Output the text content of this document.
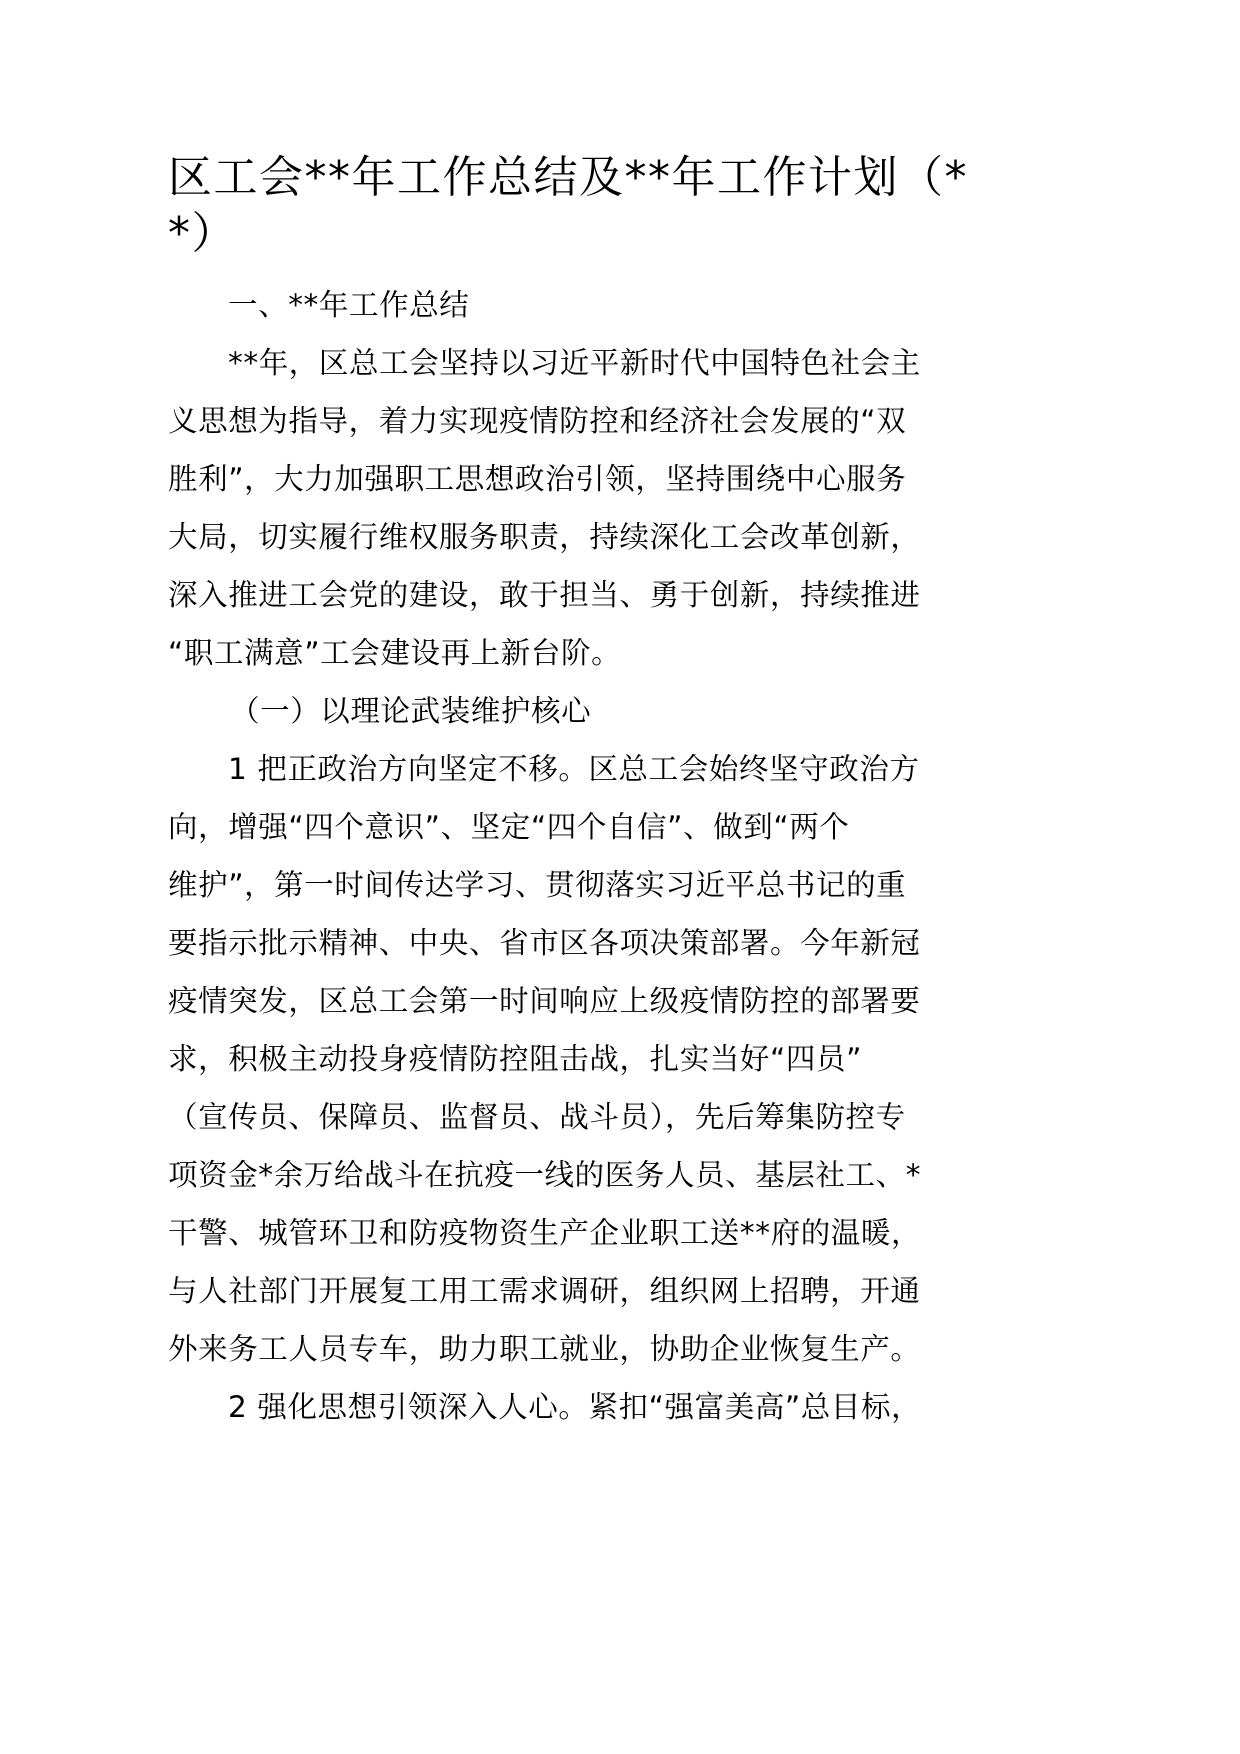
区工会**年工作总结及**年工作计划（*
*）
一、**年工作总结
**年，区总工会坚持以习近平新时代中国特色社会主
义思想为指导，着力实现疫情防控和经济社会发展的“双
胜利”，大力加强职工思想政治引领，坚持围绕中心服务
大局，切实履行维权服务职责，持续深化工会改革创新，
深入推进工会党的建设，敢于担当、勇于创新，持续推进
“职工满意”工会建设再上新台阶。
（一）以理论武装维护核心
1 把正政治方向坚定不移。区总工会始终坚守政治方
向，增强“四个意识”、坚定“四个自信”、做到“两个
维护”，第一时间传达学习、贯彻落实习近平总书记的重
要指示批示精神、中央、省市区各项决策部署。今年新冠
疫情突发，区总工会第一时间响应上级疫情防控的部署要
求，积极主动投身疫情防控阻击战，扎实当好“四员”
（宣传员、保障员、监督员、战斗员），先后筹集防控专
项资金*余万给战斗在抗疫一线的医务人员、基层社工、*
干警、城管环卫和防疫物资生产企业职工送**府的温暖，
与人社部门开展复工用工需求调研，组织网上招聘，开通
外来务工人员专车，助力职工就业，协助企业恢复生产。
2 强化思想引领深入人心。紧扣“强富美高”总目标，
